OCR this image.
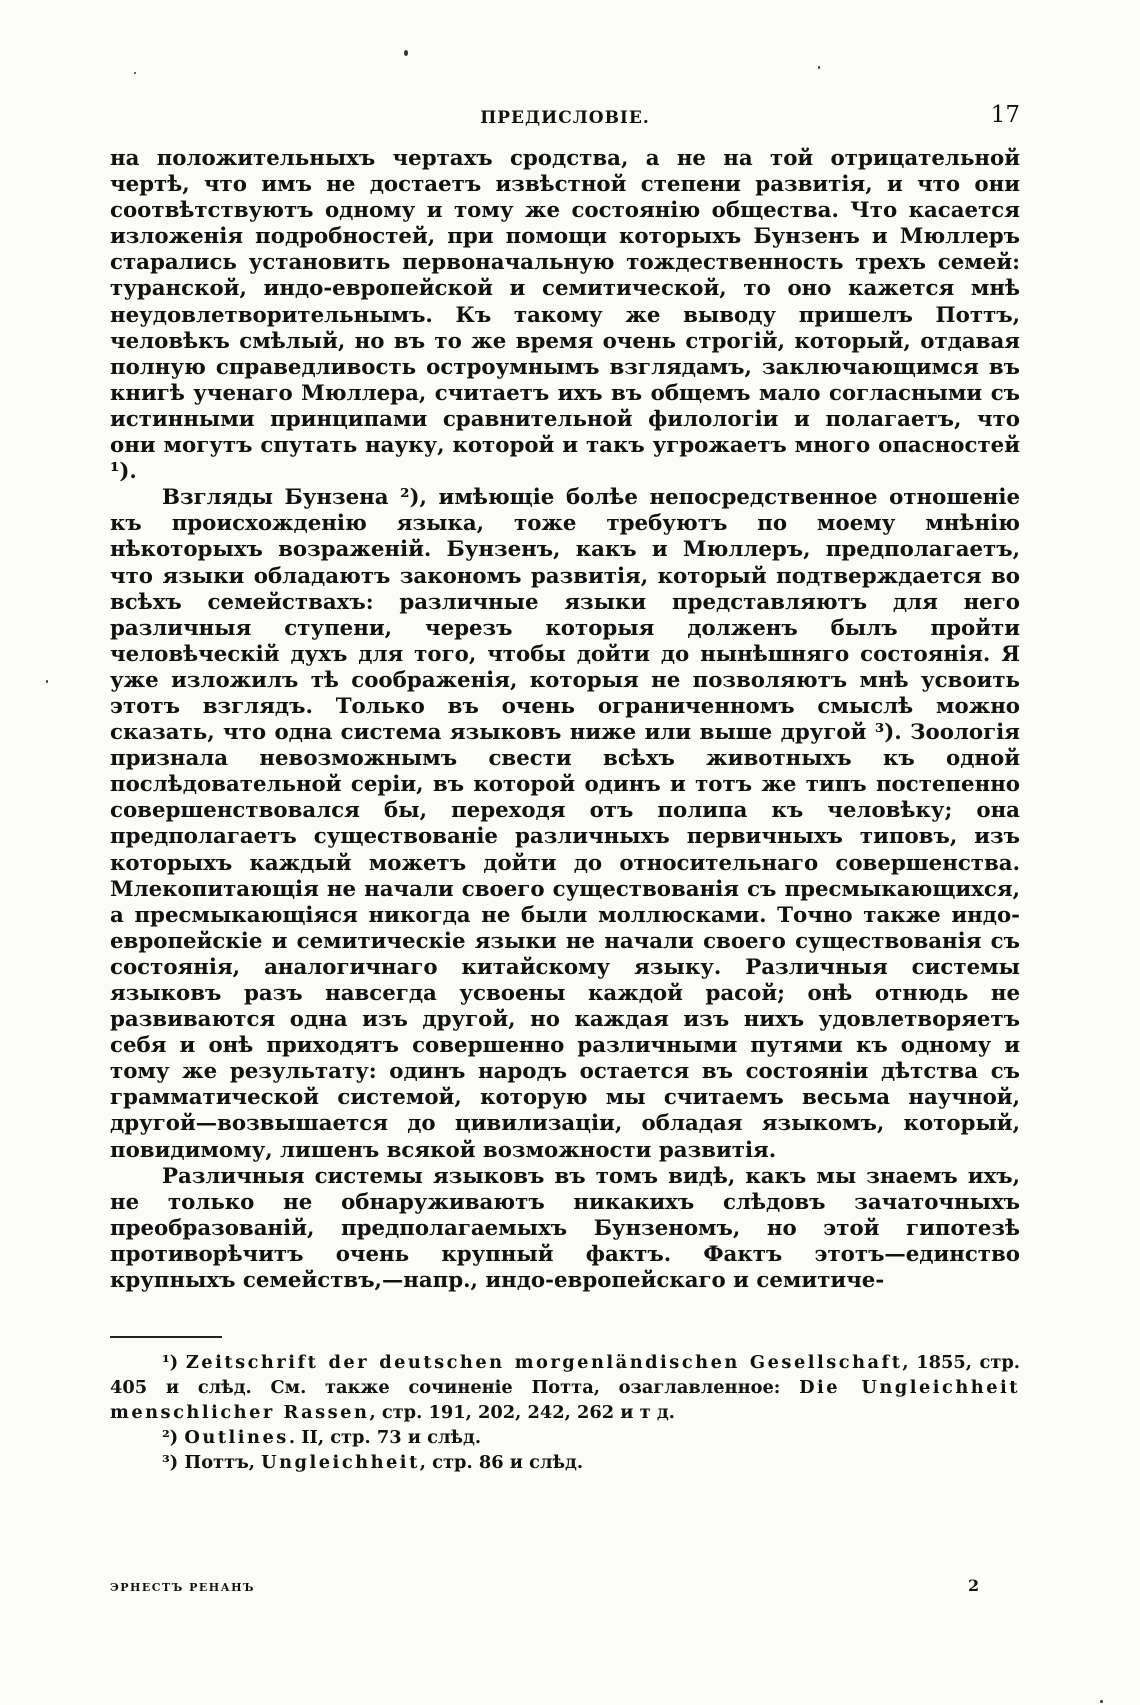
ПРЕДИСЛОВІЕ.	17

на положительныхъ чертахъ сродства, а не на той отрицательной чертѣ, что имъ не достаетъ извѣстной степени развитія, и что они соотвѣтствуютъ одному и тому же состоянію общества. Что касается изложенія подробностей, при помощи которыхъ Бунзенъ и Мюллеръ старались установить первоначальную тождественность трехъ семей: туранской, индо-европейской и семитической, то оно кажется мнѣ неудовлетворительнымъ. Къ такому же выводу пришелъ Поттъ, человѣкъ смѣлый, но въ то же время очень строгій, который, отдавая полную справедливость остроумнымъ взглядамъ, заключающимся въ книгѣ ученаго Мюллера, считаетъ ихъ въ общемъ мало согласными съ истинными принципами сравнительной филологіи и полагаетъ, что они могутъ спутать науку, которой и такъ угрожаетъ много опасностей ¹).

Взгляды Бунзена ²), имѣющіе болѣе непосредственное отношеніе къ происхожденію языка, тоже требуютъ по моему мнѣнію нѣкоторыхъ возраженій. Бунзенъ, какъ и Мюллеръ, предполагаетъ, что языки обладаютъ закономъ развитія, который подтверждается во всѣхъ семействахъ: различные языки представляютъ для него различныя ступени, черезъ которыя долженъ былъ пройти человѣческій духъ для того, чтобы дойти до нынѣшняго состоянія. Я уже изложилъ тѣ соображенія, которыя не позволяютъ мнѣ усвоить этотъ взглядъ. Только въ очень ограниченномъ смыслѣ можно сказать, что одна система языковъ ниже или выше другой ³). Зоологія признала невозможнымъ свести всѣхъ животныхъ къ одной послѣдовательной серіи, въ которой одинъ и тотъ же типъ постепенно совершенствовался бы, переходя отъ полипа къ человѣку; она предполагаетъ существованіе различныхъ первичныхъ типовъ, изъ которыхъ каждый можетъ дойти до относительнаго совершенства. Млекопитающія не начали своего существованія съ пресмыкающихся, а пресмыкающіяся никогда не были моллюсками. Точно также индо-европейскіе и семитическіе языки не начали своего существованія съ состоянія, аналогичнаго китайскому языку. Различныя системы языковъ разъ навсегда усвоены каждой расой; онѣ отнюдь не развиваются одна изъ другой, но каждая изъ нихъ удовлетворяетъ себя и онѣ приходятъ совершенно различными путями къ одному и тому же результату: одинъ народъ остается въ состояніи дѣтства съ грамматической системой, которую мы считаемъ весьма научной, другой—возвышается до цивилизаціи, обладая языкомъ, который, повидимому, лишенъ всякой возможности развитія.

Различныя системы языковъ въ томъ видѣ, какъ мы знаемъ ихъ, не только не обнаруживаютъ никакихъ слѣдовъ зачаточныхъ преобразованій, предполагаемыхъ Бунзеномъ, но этой гипотезѣ противорѣчитъ очень крупный фактъ. Фактъ этотъ—единство крупныхъ семействъ,—напр., индо-европейскаго и семитиче-

¹) Zeitschrift der deutschen morgenländischen Gesellschaft, 1855, стр. 405 и слѣд. См. также сочиненіе Потта, озаглавленное: Die Ungleichheit menschlicher Rassen, стр. 191, 202, 242, 262 и т д.

²) Outlines. II, стр. 73 и слѣд.

³) Поттъ, Ungleichheit, стр. 86 и слѣд.

ЭРНЕСТЪ РЕНАНЪ	2
